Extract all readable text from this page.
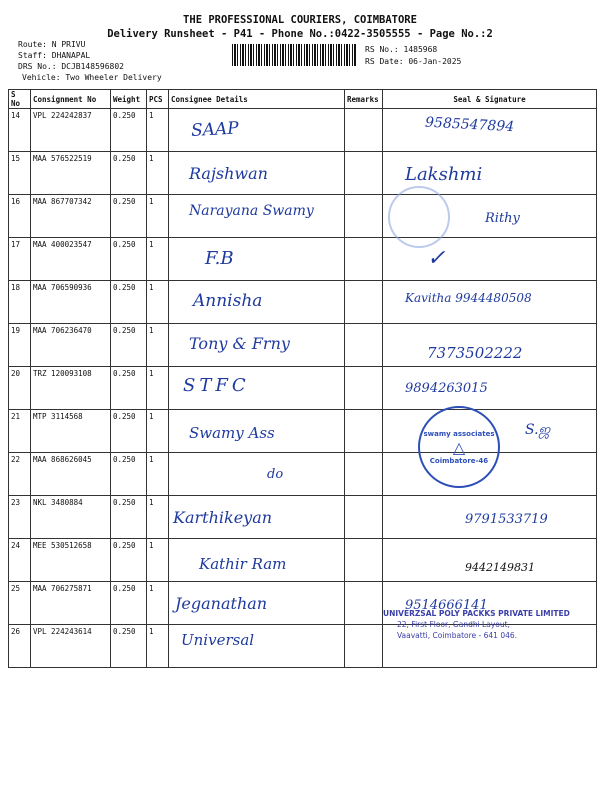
THE PROFESSIONAL COURIERS, COIMBATORE
Delivery Runsheet - P41 - Phone No.:0422-3505555 - Page No.:2
Route: N PRIVU
Staff: DHANAPAL
DRS No.: DCJB148596802
Vehicle: Two Wheeler Delivery
RS No.: 1485968
RS Date: 06-Jan-2025
S No	Consignment No	Weight	PCS	Consignee Details	Remarks	Seal & Signature
14	VPL 224242837	0.250	1	SAAP		9585547894

15	MAA 576522519	0.250	1	Rajshwan		Lakshmi

16	MAA 867707342	0.250	1	Narayana Swamy		Rithy

17	MAA 400023547	0.250	1	F.B		✓

18	MAA 706590936	0.250	1	Annisha		Kavitha 9944480508

19	MAA 706236470	0.250	1	Tony & Frny		7373502222

20	TRZ 120093108	0.250	1	STFC		9894263015

21	MTP 3114568	0.250	1	Swamy Ass		S.ஜ

22	MAA 868626045	0.250	1	do		

23	NKL 3480884	0.250	1	Karthikeyan		9791533719

24	MEE 530512658	0.250	1	Kathir Ram		9442149831

25	MAA 706275871	0.250	1	Jeganathan		9514666141

26	VPL 224243614	0.250	1	Universal		

swamy associates
△
Coimbatore-46
UNIVERZSAL POLY PACKKS PRIVATE LIMITED
22, First Floor, Gandhi Layout,
Vaavatti, Coimbatore - 641 046.
